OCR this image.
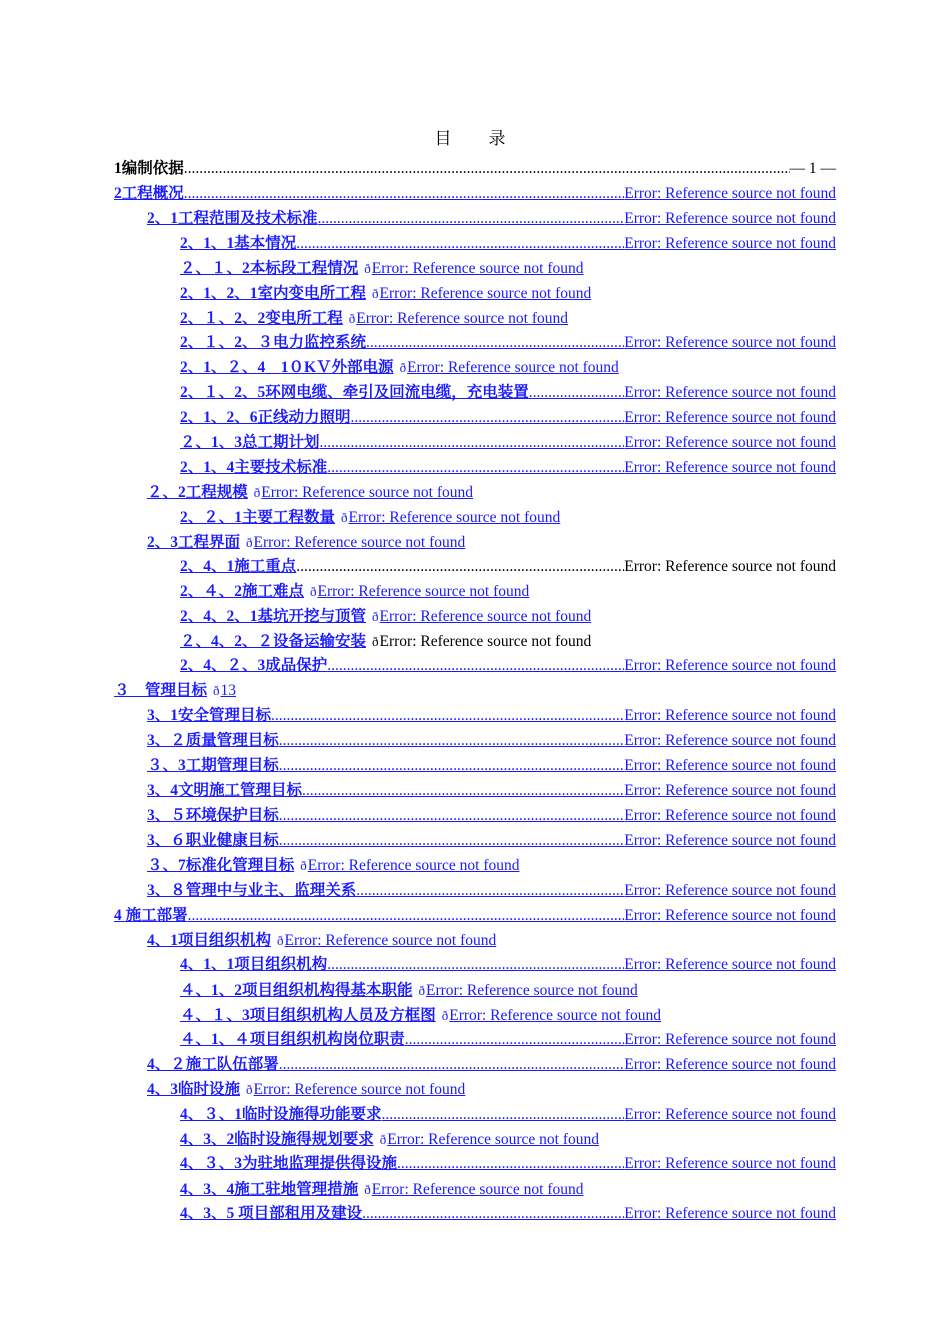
目　录
1编制依据 .....	— 1 —
2工程概况 .....	Error: Reference source not found
2、1工程范围及技术标准 .....	Error: Reference source not found
2、1、1基本情况 .....	Error: Reference source not found
２、１、2本标段工程情况 ðError: Reference source not found
2、1、2、1室内变电所工程 ðError: Reference source not found
2、１、2、2变电所工程 ðError: Reference source not found
2、１、2、３电力监控系统 .....	Error: Reference source not found
2、1、２、4　1０KＶ外部电源 ðError: Reference source not found
2、１、2、5环网电缆、牵引及回流电缆，充电装置 .....	Error: Reference source not found
2、1、2、6正线动力照明 .....	Error: Reference source not found
２、1、3总工期计划 .....	Error: Reference source not found
2、1、4主要技术标准 .....	Error: Reference source not found
２、2工程规模 ðError: Reference source not found
2、２、1主要工程数量 ðError: Reference source not found
2、3工程界面 ðError: Reference source not found
2、4、1施工重点 .....	Error: Reference source not found
2、４、2施工难点 ðError: Reference source not found
2、4、2、1基坑开挖与顶管 ðError: Reference source not found
２、4、2、２设备运输安装 ðError: Reference source not found
2、4、２、3成品保护 .....	Error: Reference source not found
３　管理目标 ð13
3、1安全管理目标 .....	Error: Reference source not found
3、２质量管理目标 .....	Error: Reference source not found
３、3工期管理目标 .....	Error: Reference source not found
3、4文明施工管理目标 .....	Error: Reference source not found
3、５环境保护目标 .....	Error: Reference source not found
3、６职业健康目标 .....	Error: Reference source not found
３、7标准化管理目标 ðError: Reference source not found
3、８管理中与业主、监理关系 .....	Error: Reference source not found
4 施工部署 .....	Error: Reference source not found
4、1项目组织机构 ðError: Reference source not found
4、1、1项目组织机构 .....	Error: Reference source not found
４、1、2项目组织机构得基本职能 ðError: Reference source not found
４、１、3项目组织机构人员及方框图 ðError: Reference source not found
４、1、４项目组织机构岗位职责 .....	Error: Reference source not found
4、２施工队伍部署 .....	Error: Reference source not found
4、3临时设施 ðError: Reference source not found
4、３、1临时设施得功能要求 .....	Error: Reference source not found
4、3、2临时设施得规划要求 ðError: Reference source not found
4、３、3为驻地监理提供得设施 .....	Error: Reference source not found
4、3、4施工驻地管理措施 ðError: Reference source not found
4、3、5 项目部租用及建设 .....	Error: Reference source not found
